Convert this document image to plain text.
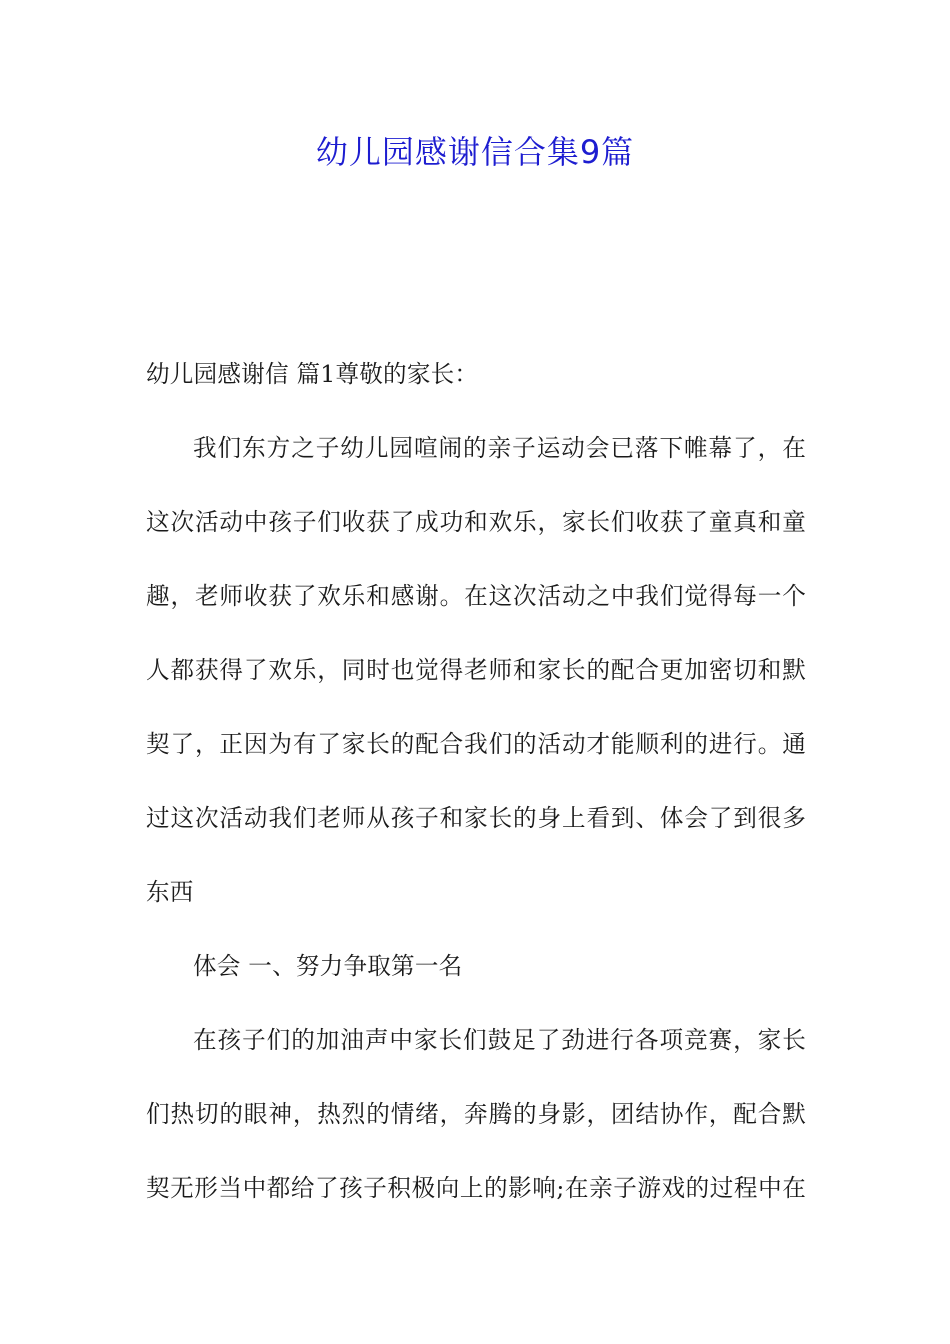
幼儿园感谢信合集9篇

幼儿园感谢信 篇1尊敬的家长：

我们东方之子幼儿园喧闹的亲子运动会已落下帷幕了，在
这次活动中孩子们收获了成功和欢乐，家长们收获了童真和童
趣，老师收获了欢乐和感谢。在这次活动之中我们觉得每一个
人都获得了欢乐，同时也觉得老师和家长的配合更加密切和默
契了，正因为有了家长的配合我们的活动才能顺利的进行。通
过这次活动我们老师从孩子和家长的身上看到、体会了到很多
东西

体会 一、努力争取第一名

在孩子们的加油声中家长们鼓足了劲进行各项竞赛，家长
们热切的眼神，热烈的情绪，奔腾的身影，团结协作，配合默
契无形当中都给了孩子积极向上的影响;在亲子游戏的过程中在
